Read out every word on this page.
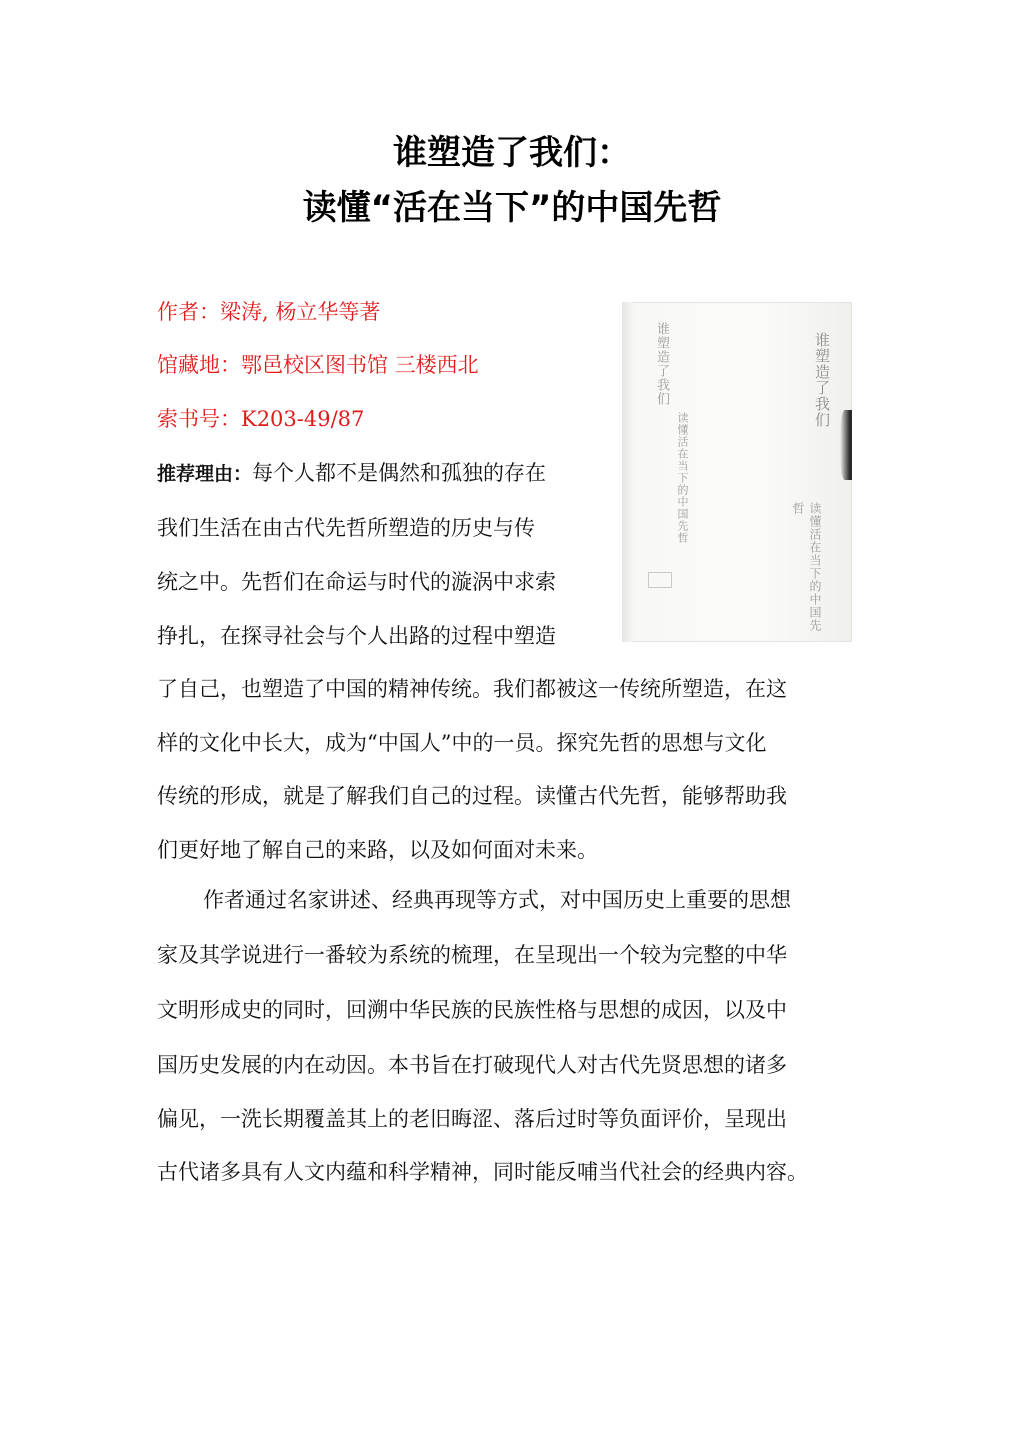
谁塑造了我们：
读懂“活在当下”的中国先哲
作者：梁涛, 杨立华等著
馆藏地：鄂邑校区图书馆 三楼西北
索书号：K203-49/87	谁塑造了我们
读懂活在当下的中国先哲
谁塑造了我们
读懂活在当下的中国先哲
推荐理由：每个人都不是偶然和孤独的存在
我们生活在由古代先哲所塑造的历史与传
统之中。先哲们在命运与时代的漩涡中求索
挣扎，在探寻社会与个人出路的过程中塑造
了自己，也塑造了中国的精神传统。我们都被这一传统所塑造，在这
样的文化中长大，成为“中国人”中的一员。探究先哲的思想与文化
传统的形成，就是了解我们自己的过程。读懂古代先哲，能够帮助我
们更好地了解自己的来路，以及如何面对未来。
作者通过名家讲述、经典再现等方式，对中国历史上重要的思想
家及其学说进行一番较为系统的梳理，在呈现出一个较为完整的中华
文明形成史的同时，回溯中华民族的民族性格与思想的成因，以及中
国历史发展的内在动因。本书旨在打破现代人对古代先贤思想的诸多
偏见，一洗长期覆盖其上的老旧晦涩、落后过时等负面评价，呈现出
古代诸多具有人文内蕴和科学精神，同时能反哺当代社会的经典内容。
